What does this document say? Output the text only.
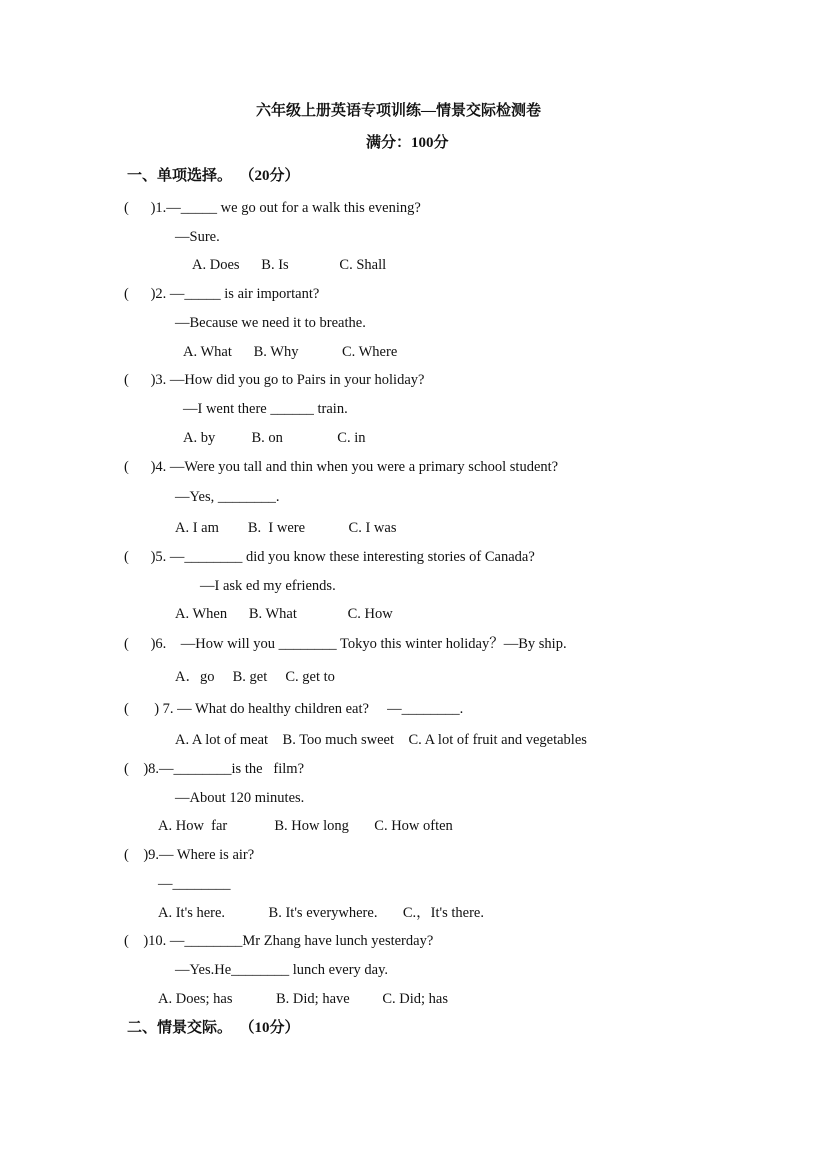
六年级上册英语专项训练—情景交际检测卷
满分：100分
一、单项选择。  （20分）
(      )1.—_____ we go out for a walk this evening?
—Sure.
A. Does      B. Is              C. Shall
(      )2. —_____ is air important?
—Because we need it to breathe.
A. What      B. Why            C. Where
(      )3. —How did you go to Pairs in your holiday?
—I went there ______ train.
A. by          B. on               C. in
(      )4. —Were you tall and thin when you were a primary school student?
—Yes, ________.
A. I am        B.  I were            C. I was
(      )5. —________ did you know these interesting stories of Canada?
—I ask ed my efriends.
A. When      B. What              C. How
(      )6.    —How will you ________ Tokyo this winter holiday？—By ship.
A．go     B. get     C. get to
(       ) 7. — What do healthy children eat?     —________.
A. A lot of meat    B. Too much sweet    C. A lot of fruit and vegetables
(    )8.—________is the   film?
—About 120 minutes.
A. How  far             B. How long       C. How often
(    )9.— Where is air?
—________
A. It's here.            B. It's everywhere.       C.，It's there.
(    )10. —________Mr Zhang have lunch yesterday?
—Yes.He________ lunch every day.
A. Does; has            B. Did; have         C. Did; has
二、情景交际。  （10分）
